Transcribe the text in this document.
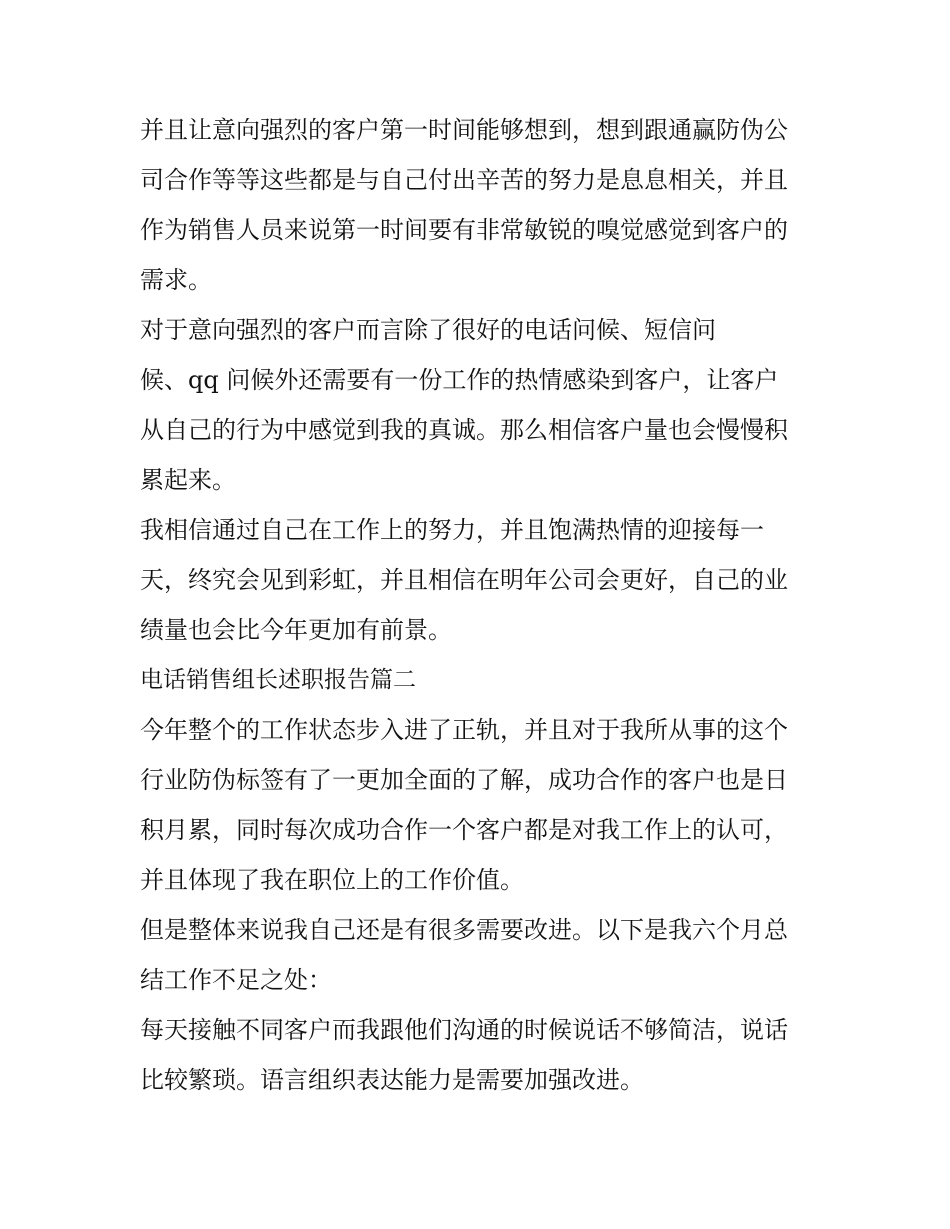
并且让意向强烈的客户第一时间能够想到，想到跟通赢防伪公
司合作等等这些都是与自己付出辛苦的努力是息息相关，并且
作为销售人员来说第一时间要有非常敏锐的嗅觉感觉到客户的
需求。
对于意向强烈的客户而言除了很好的电话问候、短信问
候、qq 问候外还需要有一份工作的热情感染到客户，让客户
从自己的行为中感觉到我的真诚。那么相信客户量也会慢慢积
累起来。
我相信通过自己在工作上的努力，并且饱满热情的迎接每一
天，终究会见到彩虹，并且相信在明年公司会更好，自己的业
绩量也会比今年更加有前景。
电话销售组长述职报告篇二
今年整个的工作状态步入进了正轨，并且对于我所从事的这个
行业防伪标签有了一更加全面的了解，成功合作的客户也是日
积月累，同时每次成功合作一个客户都是对我工作上的认可，
并且体现了我在职位上的工作价值。
但是整体来说我自己还是有很多需要改进。以下是我六个月总
结工作不足之处：
每天接触不同客户而我跟他们沟通的时候说话不够简洁，说话
比较繁琐。语言组织表达能力是需要加强改进。
